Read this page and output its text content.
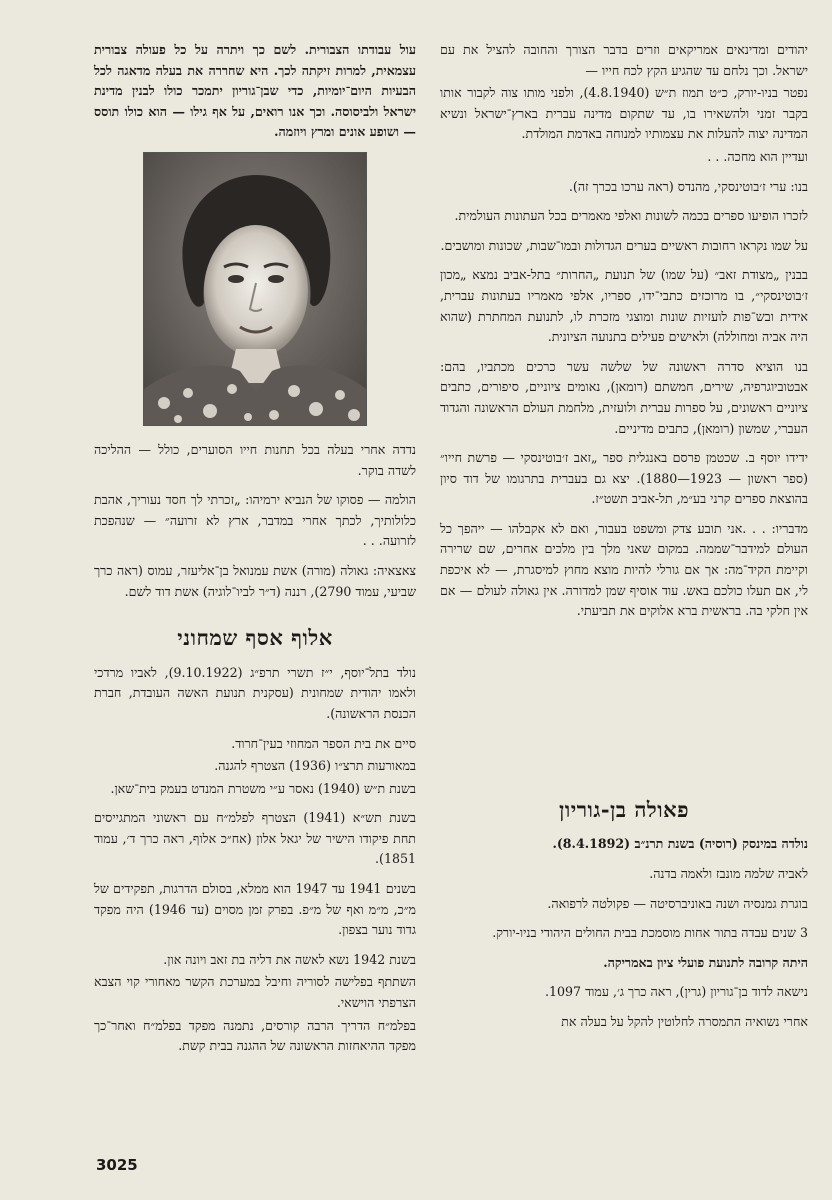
יהודים ומדינאים אמריקאים וזרים בדבר הצורך והחובה להציל את עם ישראל. וכך נלחם עד שהגיע הקץ לכח חייו —

נפטר בניו-יורק, כ״ט תמוז ת״ש (4.8.1940), ולפני מותו צוה לקבור אותו בקבר זמני ולהשאירו בו, עד שתקום מדינה עברית בארץ־ישראל ונשיא המדינה יצוה להעלות את עצמותיו למנוחה באדמת המולדת.

ועדיין הוא מחכה. . .

בנו: ערי ז׳בוטינסקי, מהנדס (ראה ערכו בכרך זה).

לזכרו הופיעו ספרים בכמה לשונות ואלפי מאמרים בכל העתונות העולמית.

על שמו נקראו רחובות ראשיים בערים הגדולות ובמו־שבות, שכונות ומושבים.

בבנין „מצודת זאב״ (על שמו) של תנועת „החרות״ בתל-אביב נמצא „מכון ז׳בוטינסקי״, בו מרוכזים כתבי־ידו, ספריו, אלפי מאמריו בעתונות עברית, אידית ובש־פות לועזיות שונות ומוצגי מזכרת לו, לתנועת המחתרת (שהוא היה אביה ומחוללה) ולאישים פעילים בתנועה הציונית.

בנו הוציא סדרה ראשונה של שלשה עשר כרכים מכתביו, בהם: אבטוביוגרפיה, שירים, חמשתם (רומאן), נאומים ציוניים, סיפורים, כתבים ציוניים ראשונים, על ספרות עברית ולועזית, מלחמת העולם הראשונה והגדוד העברי, שמשון (רומאן), כתבים מדיניים.

ידידו יוסף ב. שכטמן פרסם באנגלית ספר „זאב ז׳בוטינסקי — פרשת חייו״ (ספר ראשון — 1923—1880). יצא גם בעברית בתרגומו של דוד סיון בהוצאת ספרים קרני בע״מ, תל-אביב תשט״ז.

מדבריו: . . .אני תובע צדק ומשפט בעבור, ואם לא אקבלהו — ייהפך כל העולם למידבר־שממה. במקום שאני מלך בין מלכים אחרים, שם שרירה וקיימת הקיד־מה: אך אם גורלי להיות מוצא מחוץ למיסגרת, — לא איכפת לי, אם תעלו כולכם באש. עוד אוסיף שמן למדורה. אין גאולה לעולם — אם אין חלקי בה. בראשית ברא אלוקים את תביעתי.

פאולה בן-גוריון

נולדה במינסק (רוסיה) בשנת תרנ״ב (8.4.1892).

לאביה שלמה מונבז ולאמה בדנה.

בוגרת גמנסיה ושנה באוניברסיטה — פקולטה לרפואה.

3 שנים עבדה בתור אחות מוסמכת בבית החולים היהודי בניו-יורק.

היתה קרובה לתנועת פועלי ציון באמריקה.

נישאה לדוד בן־גוריון (גרין), ראה כרך ג׳, עמוד 1097.

אחרי נשואיה התמסרה לחלוטין להקל על בעלה את

עול עבודתו הצבורית. לשם כך ויתרה על כל פעולה צבורית עצמאית, למרות זיקתה לכך. היא שחררה את בעלה מדאגה לכל הבעיות היום־יומיות, כדי שבן־גוריון יתמכר כולו לבנין מדינת ישראל ולביסוסה. וכך אנו רואים, על אף גילו — הוא כולו תוסס — ושופע אונים ומרץ ויוזמה.

נדדה אחרי בעלה בכל תחנות חייו הסוערים, כולל — ההליכה לשדה בוקר.

הולמה — פסוקו של הנביא ירמיהו: „זכרתי לך חסד נעוריך, אהבת כלולותיך, לכתך אחרי במדבר, ארץ לא זרועה״ — שנהפכת לזרועה. . .

צאצאיה: גאולה (מורה) אשת עמנואל בן־אליעזר, עמוס (ראה כרך שביעי, עמוד 2790), רננה (ד״ר לביו־לוגיה) אשת דוד לשם.

אלוף אסף שמחוני

נולד בתל־יוסף, י״ז תשרי תרפ״ג (9.10.1922), לאביו מרדכי ולאמו יהודית שמחונית (עסקנית תנועת האשה העובדת, חברת הכנסת הראשונה).

סיים את בית הספר המחוזי בעין־חרוד.

במאורעות תרצ״ו (1936) הצטרף להגנה.

בשנת ת״ש (1940) נאסר ע״י משטרת המנדט בעמק בית־שאן.

בשנת תש״א (1941) הצטרף לפלמ״ח עם ראשוני המתגייסים תחת פיקודו הישיר של יגאל אלון (אח״כ אלוף, ראה כרך ד׳, עמוד 1851).

בשנים 1941 עד 1947 הוא ממלא, בסולם הדרגות, תפקידים של מ״כ, מ״מ ואף של מ״פ. בפרק זמן מסוים (עד 1946) היה מפקד גדוד נוער בצפון.

בשנת 1942 נשא לאשה את דליה בת זאב ויונה און.

השתתף בפלישה לסוריה וחיבל במערכת הקשר מאחורי קוי הצבא הצרפתי הוישאי.

בפלמ״ח הדריך הרבה קורסים, נתמנה מפקד בפלמ״ח ואחר־כך מפקד ההיאחזות הראשונה של ההגנה בבית קשת.

3025
